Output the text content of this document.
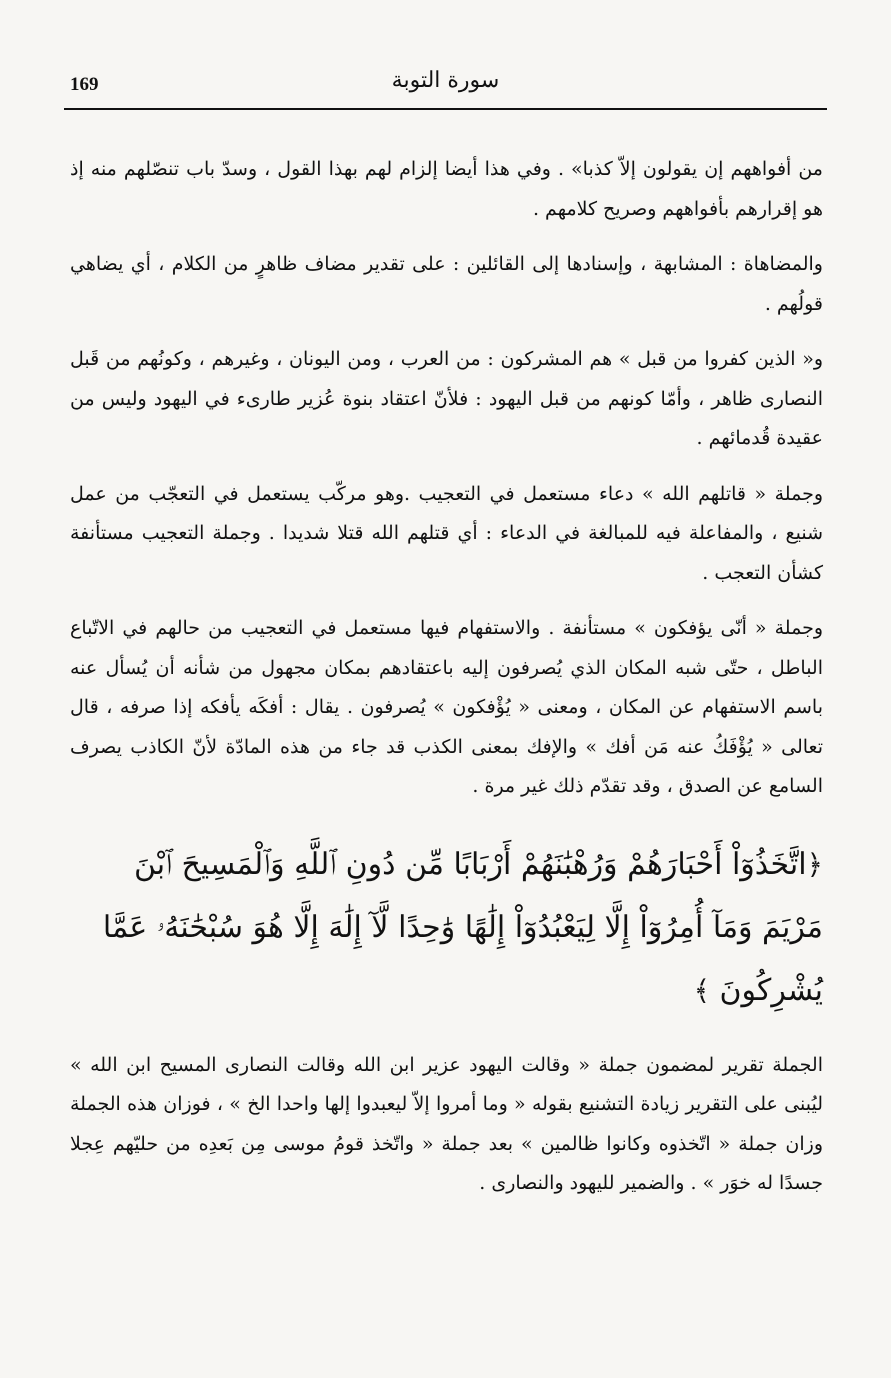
169	سورة التوبة

من أفواههم إن يقولون إلاّ كذبا» . وفي هذا أيضا إلزام لهم بهذا القول ، وسدّ باب تنصّلهم منه إذ هو إقرارهم بأفواههم وصريح كلامهم .

والمضاهاة : المشابهة ، وإسنادها إلى القائلين : على تقدير مضاف ظاهرٍ من الكلام ، أي يضاهي قولُهم .

و« الذين كفروا من قبل » هم المشركون : من العرب ، ومن اليونان ، وغيرهم ، وكونُهم من قَبل النصارى ظاهر ، وأمّا كونهم من قبل اليهود : فلأنّ اعتقاد بنوة عُزير طارىء في اليهود وليس من عقيدة قُدمائهم .

وجملة « قاتلهم الله » دعاء مستعمل في التعجيب .وهو مركّب يستعمل في التعجّب من عمل شنيع ، والمفاعلة فيه للمبالغة في الدعاء : أي قتلهم الله قتلا شديدا . وجملة التعجيب مستأنفة كشأن التعجب .

وجملة « أنّى يؤفكون » مستأنفة . والاستفهام فيها مستعمل في التعجيب من حالهم في الاتّباع الباطل ، حتّى شبه المكان الذي يُصرفون إليه باعتقادهم بمكان مجهول من شأنه أن يُسأل عنه باسم الاستفهام عن المكان ، ومعنى « يُؤْفكون » يُصرفون . يقال : أفكَه يأفكه إذا صرفه ، قال تعالى « يُؤْفَكُ عنه مَن أفك » والإفك بمعنى الكذب قد جاء من هذه المادّة لأنّ الكاذب يصرف السامع عن الصدق ، وقد تقدّم ذلك غير مرة .

﴿اتَّخَذُوٓاْ أَحْبَارَهُمْ وَرُهْبَٰنَهُمْ أَرْبَابًا مِّن دُونِ ٱللَّهِ وَٱلْمَسِيحَ ٱبْنَ مَرْيَمَ وَمَآ أُمِرُوٓاْ إِلَّا لِيَعْبُدُوٓاْ إِلَٰهًا وَٰحِدًا لَّآ إِلَٰهَ إِلَّا هُوَ سُبْحَٰنَهُۥ عَمَّا يُشْرِكُونَ ﴾

الجملة تقرير لمضمون جملة « وقالت اليهود عزير ابن الله وقالت النصارى المسيح ابن الله » ليُبنى على التقرير زيادة التشنيع بقوله « وما أمروا إلاّ ليعبدوا إلها واحدا الخ » ، فوزان هذه الجملة وزان جملة « اتّخذوه وكانوا ظالمين » بعد جملة « واتّخذ قومُ موسى مِن بَعدِه من حليّهم عِجلا جسدًا له خوَر » . والضمير لليهود والنصارى .
